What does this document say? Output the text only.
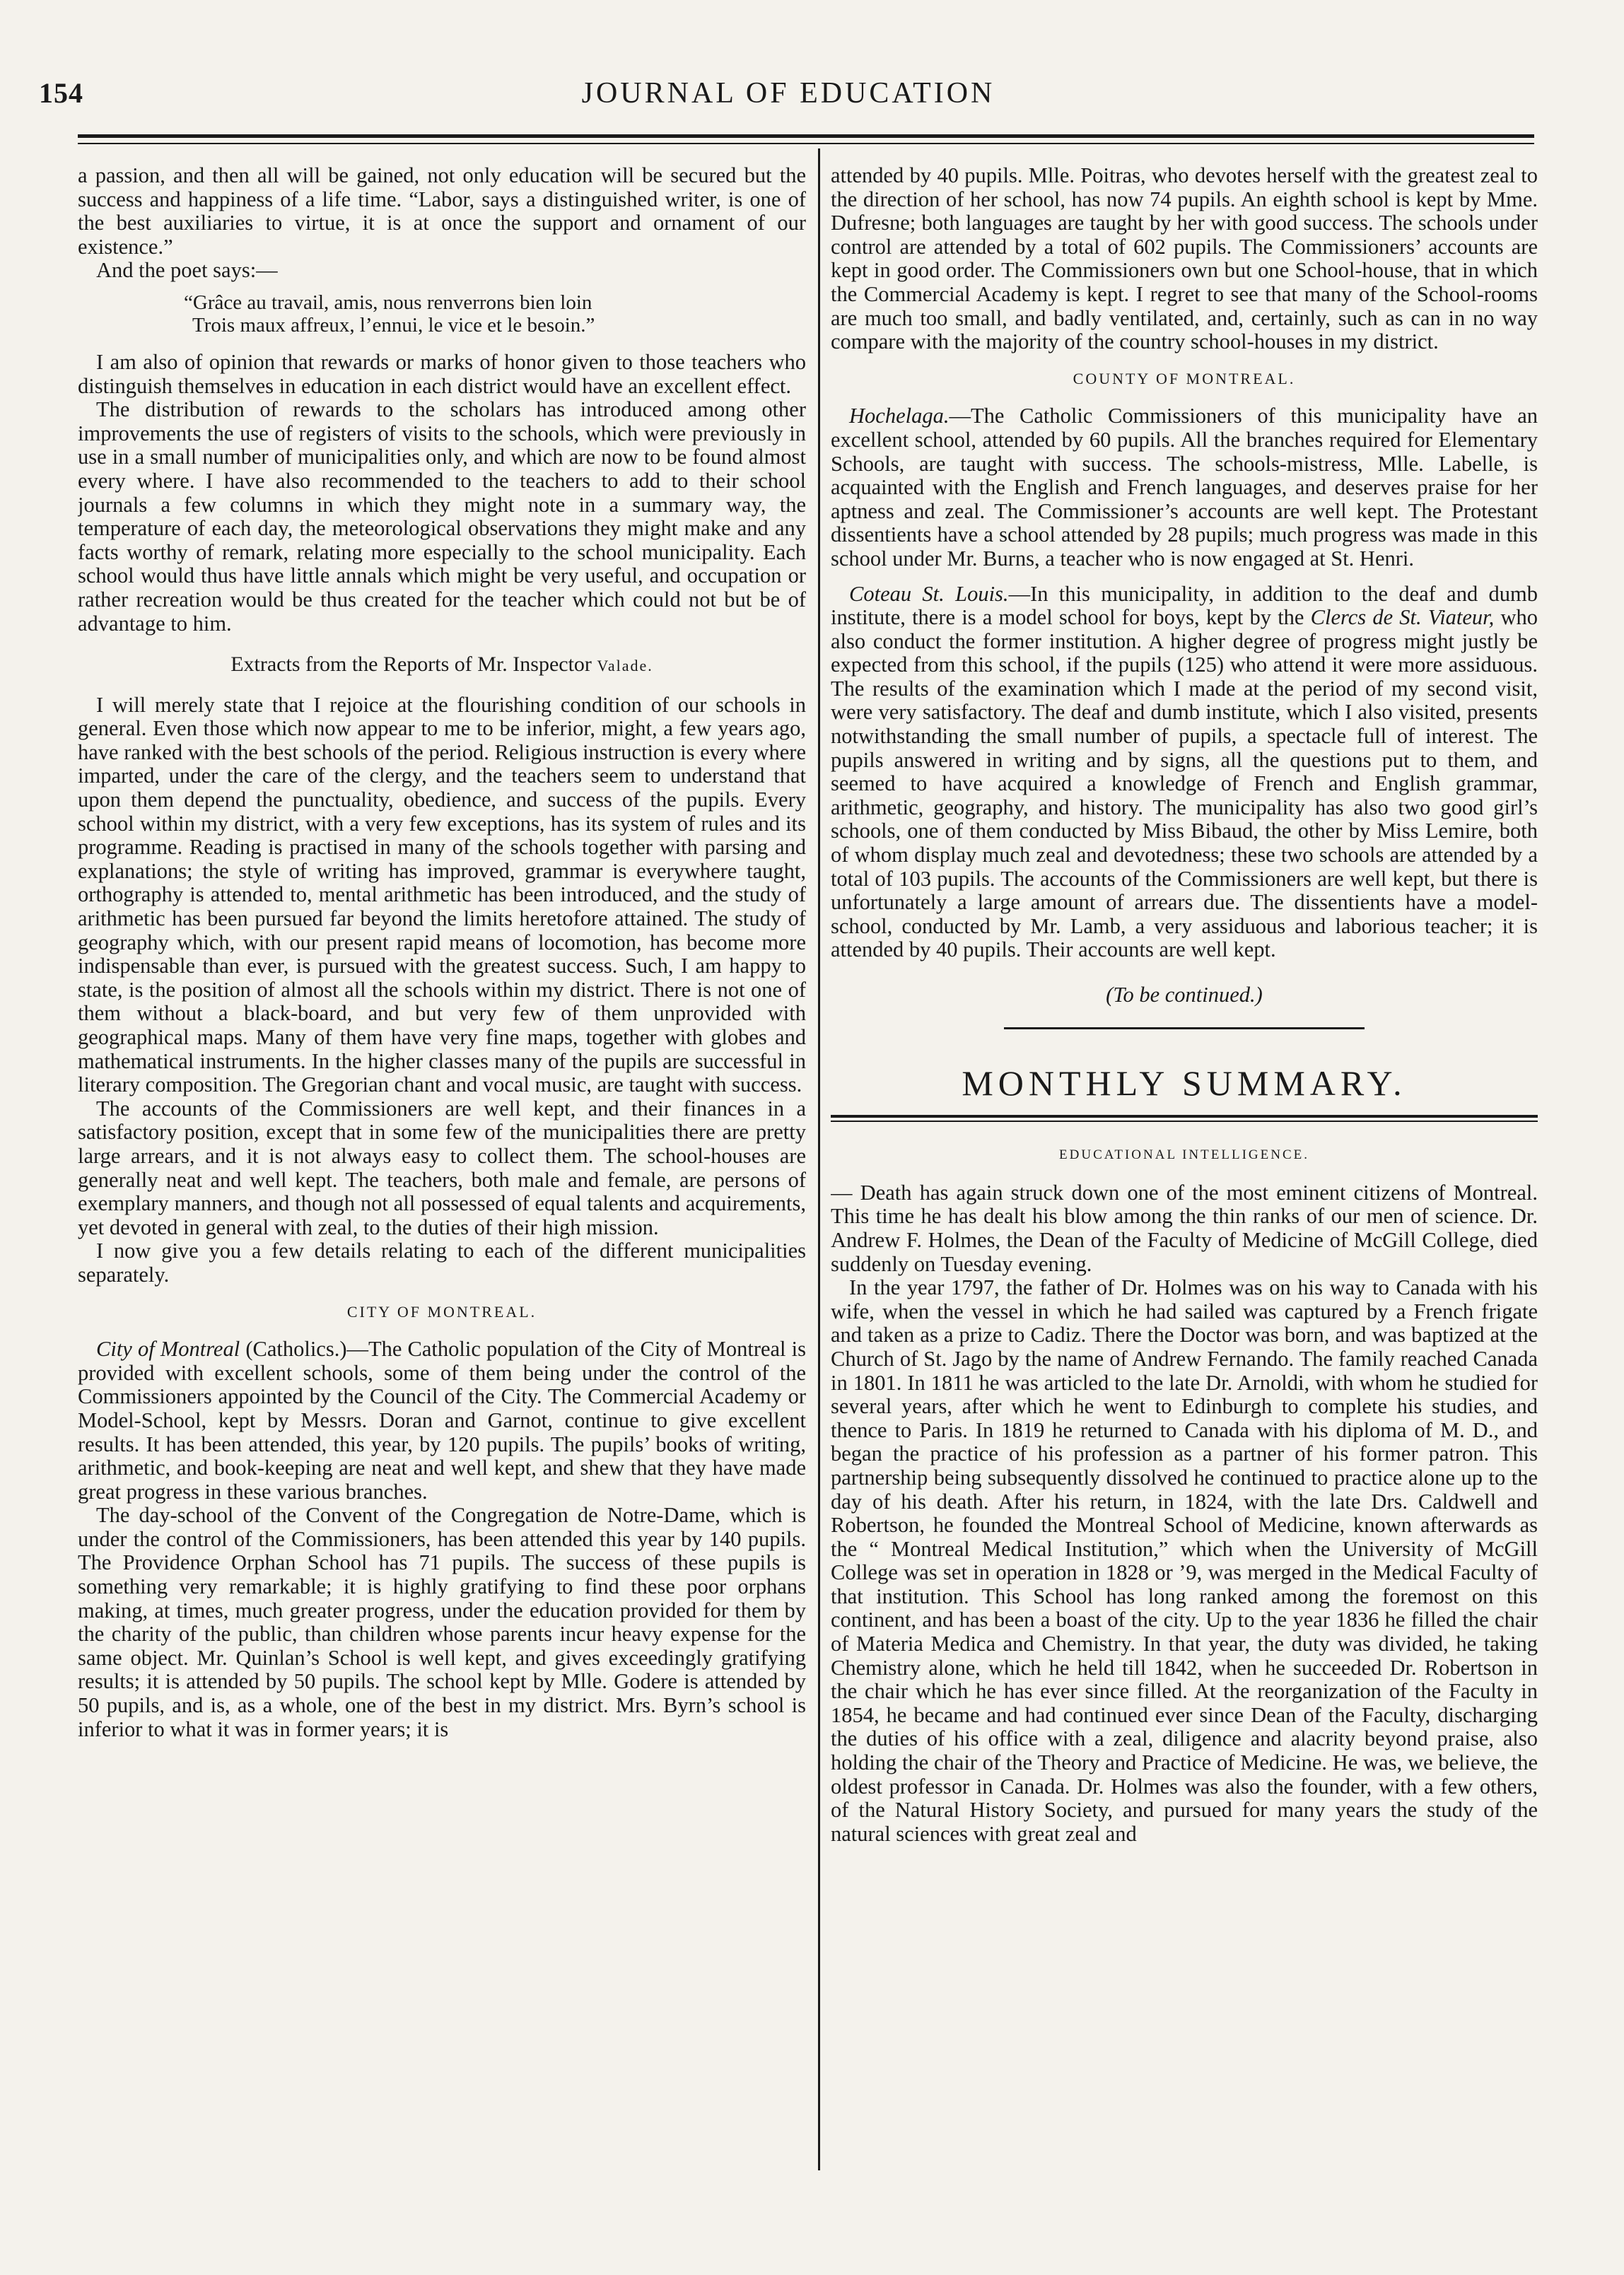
154	JOURNAL OF EDUCATION

a passion, and then all will be gained, not only education will be secured but the success and happiness of a life time. “Labor, says a distinguished writer, is one of the best auxiliaries to virtue, it is at once the support and ornament of our existence.”

And the poet says:—

“Grâce au travail, amis, nous renverrons bien loin
Trois maux affreux, l’ennui, le vice et le besoin.”

I am also of opinion that rewards or marks of honor given to those teachers who distinguish themselves in education in each district would have an excellent effect.

The distribution of rewards to the scholars has introduced among other improvements the use of registers of visits to the schools, which were previously in use in a small number of municipalities only, and which are now to be found almost every where. I have also recommended to the teachers to add to their school journals a few columns in which they might note in a summary way, the temperature of each day, the meteorological observations they might make and any facts worthy of remark, relating more especially to the school municipality. Each school would thus have little annals which might be very useful, and occupation or rather recreation would be thus created for the teacher which could not but be of advantage to him.

Extracts from the Reports of Mr. Inspector Valade.

I will merely state that I rejoice at the flourishing condition of our schools in general. Even those which now appear to me to be inferior, might, a few years ago, have ranked with the best schools of the period. Religious instruction is every where imparted, under the care of the clergy, and the teachers seem to understand that upon them depend the punctuality, obedience, and success of the pupils. Every school within my district, with a very few exceptions, has its system of rules and its programme. Reading is practised in many of the schools together with parsing and explanations; the style of writing has improved, grammar is everywhere taught, orthography is attended to, mental arithmetic has been introduced, and the study of arithmetic has been pursued far beyond the limits heretofore attained. The study of geography which, with our present rapid means of locomotion, has become more indispensable than ever, is pursued with the greatest success. Such, I am happy to state, is the position of almost all the schools within my district. There is not one of them without a black-board, and but very few of them unprovided with geographical maps. Many of them have very fine maps, together with globes and mathematical instruments. In the higher classes many of the pupils are successful in literary composition. The Gregorian chant and vocal music, are taught with success.

The accounts of the Commissioners are well kept, and their finances in a satisfactory position, except that in some few of the municipalities there are pretty large arrears, and it is not always easy to collect them. The school-houses are generally neat and well kept. The teachers, both male and female, are persons of exemplary manners, and though not all possessed of equal talents and acquirements, yet devoted in general with zeal, to the duties of their high mission.

I now give you a few details relating to each of the different municipalities separately.

CITY OF MONTREAL.

City of Montreal (Catholics.)—The Catholic population of the City of Montreal is provided with excellent schools, some of them being under the control of the Commissioners appointed by the Council of the City. The Commercial Academy or Model-School, kept by Messrs. Doran and Garnot, continue to give excellent results. It has been attended, this year, by 120 pupils. The pupils’ books of writing, arithmetic, and book-keeping are neat and well kept, and shew that they have made great progress in these various branches.

The day-school of the Convent of the Congregation de Notre-Dame, which is under the control of the Commissioners, has been attended this year by 140 pupils. The Providence Orphan School has 71 pupils. The success of these pupils is something very remarkable; it is highly gratifying to find these poor orphans making, at times, much greater progress, under the education provided for them by the charity of the public, than children whose parents incur heavy expense for the same object. Mr. Quinlan’s School is well kept, and gives exceedingly gratifying results; it is attended by 50 pupils. The school kept by Mlle. Godere is attended by 50 pupils, and is, as a whole, one of the best in my district. Mrs. Byrn’s school is inferior to what it was in former years; it is

attended by 40 pupils. Mlle. Poitras, who devotes herself with the greatest zeal to the direction of her school, has now 74 pupils. An eighth school is kept by Mme. Dufresne; both languages are taught by her with good success. The schools under control are attended by a total of 602 pupils. The Commissioners’ accounts are kept in good order. The Commissioners own but one School-house, that in which the Commercial Academy is kept. I regret to see that many of the School-rooms are much too small, and badly ventilated, and, certainly, such as can in no way compare with the majority of the country school-houses in my district.

COUNTY OF MONTREAL.

Hochelaga.—The Catholic Commissioners of this municipality have an excellent school, attended by 60 pupils. All the branches required for Elementary Schools, are taught with success. The schools-mistress, Mlle. Labelle, is acquainted with the English and French languages, and deserves praise for her aptness and zeal. The Commissioner’s accounts are well kept. The Protestant dissentients have a school attended by 28 pupils; much progress was made in this school under Mr. Burns, a teacher who is now engaged at St. Henri.

Coteau St. Louis.—In this municipality, in addition to the deaf and dumb institute, there is a model school for boys, kept by the Clercs de St. Viateur, who also conduct the former institution. A higher degree of progress might justly be expected from this school, if the pupils (125) who attend it were more assiduous. The results of the examination which I made at the period of my second visit, were very satisfactory. The deaf and dumb institute, which I also visited, presents notwithstanding the small number of pupils, a spectacle full of interest. The pupils answered in writing and by signs, all the questions put to them, and seemed to have acquired a knowledge of French and English grammar, arithmetic, geography, and history. The municipality has also two good girl’s schools, one of them conducted by Miss Bibaud, the other by Miss Lemire, both of whom display much zeal and devotedness; these two schools are attended by a total of 103 pupils. The accounts of the Commissioners are well kept, but there is unfortunately a large amount of arrears due. The dissentients have a model-school, conducted by Mr. Lamb, a very assiduous and laborious teacher; it is attended by 40 pupils. Their accounts are well kept.

(To be continued.)
MONTHLY SUMMARY.
EDUCATIONAL INTELLIGENCE.

— Death has again struck down one of the most eminent citizens of Montreal. This time he has dealt his blow among the thin ranks of our men of science. Dr. Andrew F. Holmes, the Dean of the Faculty of Medicine of McGill College, died suddenly on Tuesday evening.

In the year 1797, the father of Dr. Holmes was on his way to Canada with his wife, when the vessel in which he had sailed was captured by a French frigate and taken as a prize to Cadiz. There the Doctor was born, and was baptized at the Church of St. Jago by the name of Andrew Fernando. The family reached Canada in 1801. In 1811 he was articled to the late Dr. Arnoldi, with whom he studied for several years, after which he went to Edinburgh to complete his studies, and thence to Paris. In 1819 he returned to Canada with his diploma of M. D., and began the practice of his profession as a partner of his former patron. This partnership being subsequently dissolved he continued to practice alone up to the day of his death. After his return, in 1824, with the late Drs. Caldwell and Robertson, he founded the Montreal School of Medicine, known afterwards as the “ Montreal Medical Institution,” which when the University of McGill College was set in operation in 1828 or ’9, was merged in the Medical Faculty of that institution. This School has long ranked among the foremost on this continent, and has been a boast of the city. Up to the year 1836 he filled the chair of Materia Medica and Chemistry. In that year, the duty was divided, he taking Chemistry alone, which he held till 1842, when he succeeded Dr. Robertson in the chair which he has ever since filled. At the reorganization of the Faculty in 1854, he became and had continued ever since Dean of the Faculty, discharging the duties of his office with a zeal, diligence and alacrity beyond praise, also holding the chair of the Theory and Practice of Medicine. He was, we believe, the oldest professor in Canada. Dr. Holmes was also the founder, with a few others, of the Natural History Society, and pursued for many years the study of the natural sciences with great zeal and
